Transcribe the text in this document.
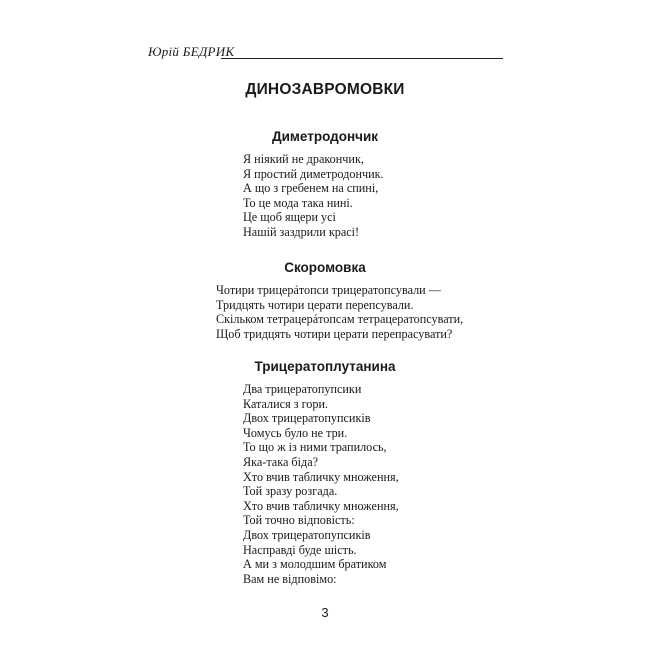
Юрій БЕДРИК
ДИНОЗАВРОМОВКИ
Диметродончик
Я ніякий не дракончик,
Я простий диметродончик.
А що з гребенем на спині,
То це мода така нині.
Це щоб ящери усі
Нашій заздрили красі!
Скоромовка
Чотири трицерáтопси трицератопсували —
Тридцять чотири церати перепсували.
Скільком тетрацерáтопсам тетрацератопсувати,
Щоб тридцять чотири церати перепрасувати?
Трицератоплутанина
Два трицератопупсики
Каталися з гори.
Двох трицератопупсиків
Чомусь було не три.
То що ж із ними трапилось,
Яка-така біда?
Хто вчив табличку множення,
Той зразу розгада.
Хто вчив табличку множення,
Той точно відповість:
Двох трицератопупсиків
Насправді буде шість.
А ми з молодшим братиком
Вам не відповімо:
3
